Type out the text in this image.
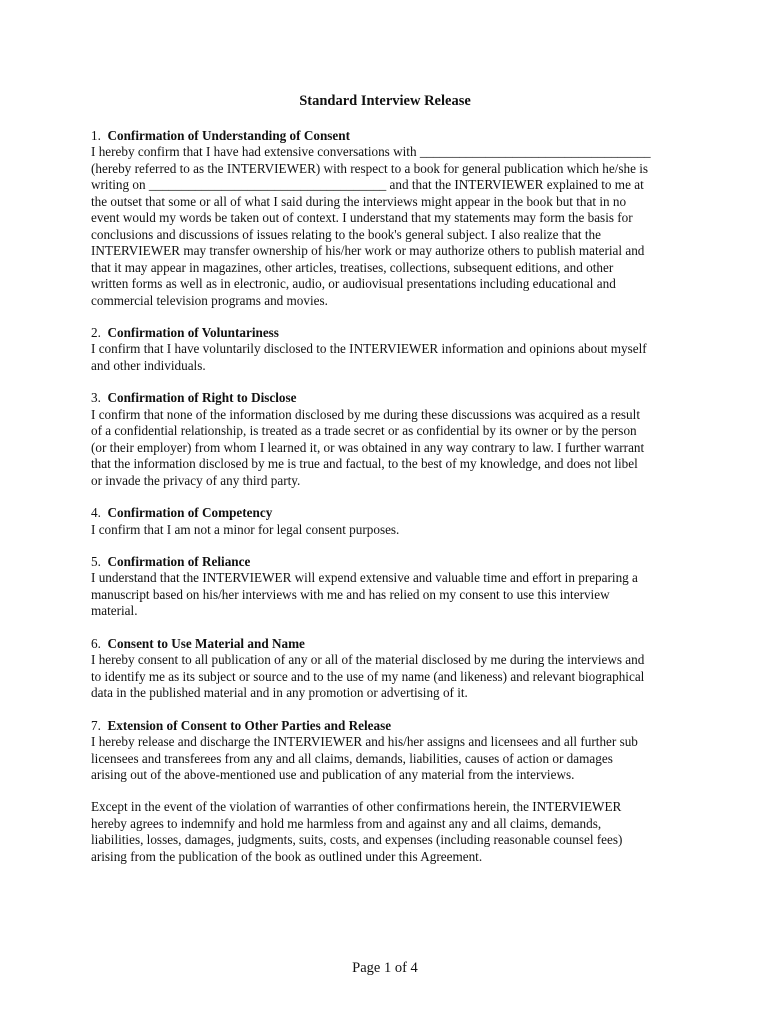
Standard Interview Release
1. Confirmation of Understanding of Consent
I hereby confirm that I have had extensive conversations with ___________________________________
(hereby referred to as the INTERVIEWER) with respect to a book for general publication which he/she is
writing on ____________________________________ and that the INTERVIEWER explained to me at
the outset that some or all of what I said during the interviews might appear in the book but that in no
event would my words be taken out of context. I understand that my statements may form the basis for
conclusions and discussions of issues relating to the book's general subject. I also realize that the
INTERVIEWER may transfer ownership of his/her work or may authorize others to publish material and
that it may appear in magazines, other articles, treatises, collections, subsequent editions, and other
written forms as well as in electronic, audio, or audiovisual presentations including educational and
commercial television programs and movies.
2. Confirmation of Voluntariness
I confirm that I have voluntarily disclosed to the INTERVIEWER information and opinions about myself
and other individuals.
3. Confirmation of Right to Disclose
I confirm that none of the information disclosed by me during these discussions was acquired as a result
of a confidential relationship, is treated as a trade secret or as confidential by its owner or by the person
(or their employer) from whom I learned it, or was obtained in any way contrary to law. I further warrant
that the information disclosed by me is true and factual, to the best of my knowledge, and does not libel
or invade the privacy of any third party.
4. Confirmation of Competency
I confirm that I am not a minor for legal consent purposes.
5. Confirmation of Reliance
I understand that the INTERVIEWER will expend extensive and valuable time and effort in preparing a
manuscript based on his/her interviews with me and has relied on my consent to use this interview
material.
6. Consent to Use Material and Name
I hereby consent to all publication of any or all of the material disclosed by me during the interviews and
to identify me as its subject or source and to the use of my name (and likeness) and relevant biographical
data in the published material and in any promotion or advertising of it.
7. Extension of Consent to Other Parties and Release
I hereby release and discharge the INTERVIEWER and his/her assigns and licensees and all further sub
licensees and transferees from any and all claims, demands, liabilities, causes of action or damages
arising out of the above-mentioned use and publication of any material from the interviews.
Except in the event of the violation of warranties of other confirmations herein, the INTERVIEWER
hereby agrees to indemnify and hold me harmless from and against any and all claims, demands,
liabilities, losses, damages, judgments, suits, costs, and expenses (including reasonable counsel fees)
arising from the publication of the book as outlined under this Agreement.
Page 1 of 4
